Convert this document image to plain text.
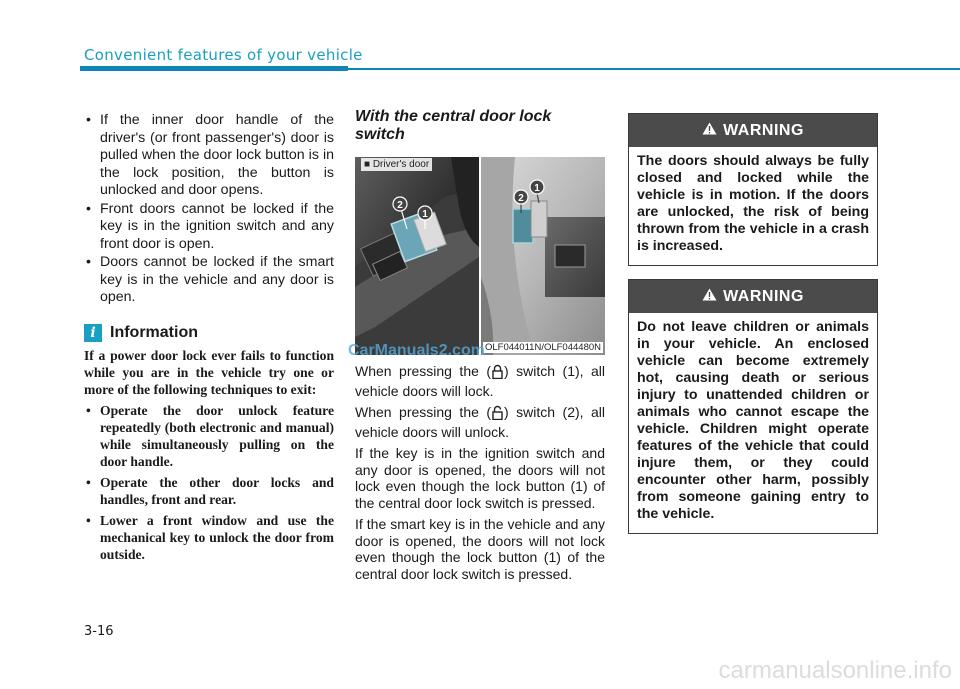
Convenient features of your vehicle
• If the inner door handle of the driver's (or front passenger's) door is pulled when the door lock button is in the lock position, the button is unlocked and door opens.
• Front doors cannot be locked if the key is in the ignition switch and any front door is open.
• Doors cannot be locked if the smart key is in the vehicle and any door is open.
i Information
If a power door lock ever fails to function while you are in the vehicle try one or more of the following techniques to exit:
• Operate the door unlock feature repeatedly (both electronic and manual) while simultaneously pulling on the door handle.
• Operate the other door locks and handles, front and rear.
• Lower a front window and use the mechanical key to unlock the door from outside.
With the central door lock switch
2
1
2
1
■ Driver's door
OLF044011N/OLF044480N
CarManuals2.com

When pressing the ( ) switch (1), all vehicle doors will lock.

When pressing the ( ) switch (2), all vehicle doors will unlock.

If the key is in the ignition switch and any door is opened, the doors will not lock even though the lock button (1) of the central door lock switch is pressed.

If the smart key is in the vehicle and any door is opened, the doors will not lock even though the lock button (1) of the central door lock switch is pressed.

WARNING
The doors should always be fully closed and locked while the vehicle is in motion. If the doors are unlocked, the risk of being thrown from the vehicle in a crash is increased.
WARNING
Do not leave children or animals in your vehicle. An enclosed vehicle can become extremely hot, causing death or serious injury to unattended children or animals who cannot escape the vehicle. Children might operate features of the vehicle that could injure them, or they could encounter other harm, possibly from someone gaining entry to the vehicle.
3-16
carmanualsonline.info
